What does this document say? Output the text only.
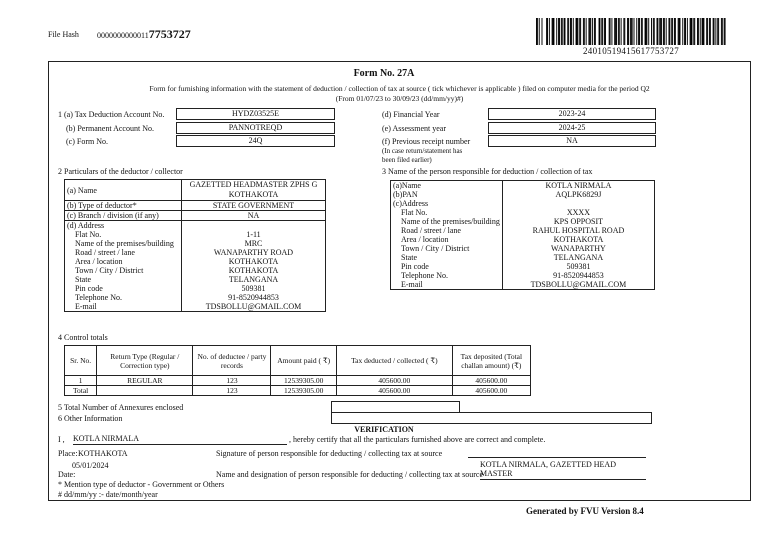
File Hash 00000000000117753727
24010519415617753727
Form No. 27A
Form for furnishing information with the statement of deduction / collection of tax at source ( tick whichever is applicable ) filed on computer media for the period Q2
(From 01/07/23 to 30/09/23 (dd/mm/yy)#)
1 (a) Tax Deduction Account No.	HYDZ03525E
(b) Permanent Account No.	PANNOTREQD
(c) Form No.	24Q
(d) Financial Year	2023-24
(e) Assessment year	2024-25
(f) Previous receipt number	NA
(In case return/statement has
been filed earlier)
2 Particulars of the deductor / collector
(a) Name	GAZETTED HEADMASTER ZPHS G
KOTHAKOTA

(b) Type of deductor*	STATE GOVERNMENT
(c) Branch / division (if any)	NA
(d) Address	
Flat No.	1-11
Name of the premises/building	MRC
Road / street / lane	WANAPARTHY ROAD
Area / location	KOTHAKOTA
Town / City / District	KOTHAKOTA
State	TELANGANA
Pin code	509381
Telephone No.	91-8520944853
E-mail	TDSBOLLU@GMAIL.COM
3 Name of the person responsible for deduction / collection of tax
(a)Name	KOTLA NIRMALA
(b)PAN	AQLPK6829J
(c)Address	
Flat No.	XXXX
Name of the premises/building	KPS OPPOSIT
Road / street / lane	RAHUL HOSPITAL ROAD
Area / location	KOTHAKOTA
Town / City / District	WANAPARTHY
State	TELANGANA
Pin code	509381
Telephone No.	91-8520944853
E-mail	TDSBOLLU@GMAIL.COM
4 Control totals
Sr. No.	Return Type (Regular / Correction type)	No. of deductee / party records	Amount paid ( ₹)	Tax deducted / collected ( ₹)	Tax deposited (Total challan amount) (₹)
1	REGULAR	123	12539305.00	405600.00	405600.00
Total		123	12539305.00	405600.00	405600.00
5 Total Number of Annexures enclosed
6 Other Information
VERIFICATION
I , KOTLA NIRMALA	, hereby certify that all the particulars furnished above are correct and complete.
Place: KOTHAKOTA	Signature of person responsible for deducting / collecting tax at source
05/01/2024
Date:	Name and designation of person responsible for deducting / collecting tax at source
KOTLA NIRMALA, GAZETTED HEAD
MASTER
* Mention type of deductor - Government or Others
# dd/mm/yy :- date/month/year
Generated by FVU Version 8.4
